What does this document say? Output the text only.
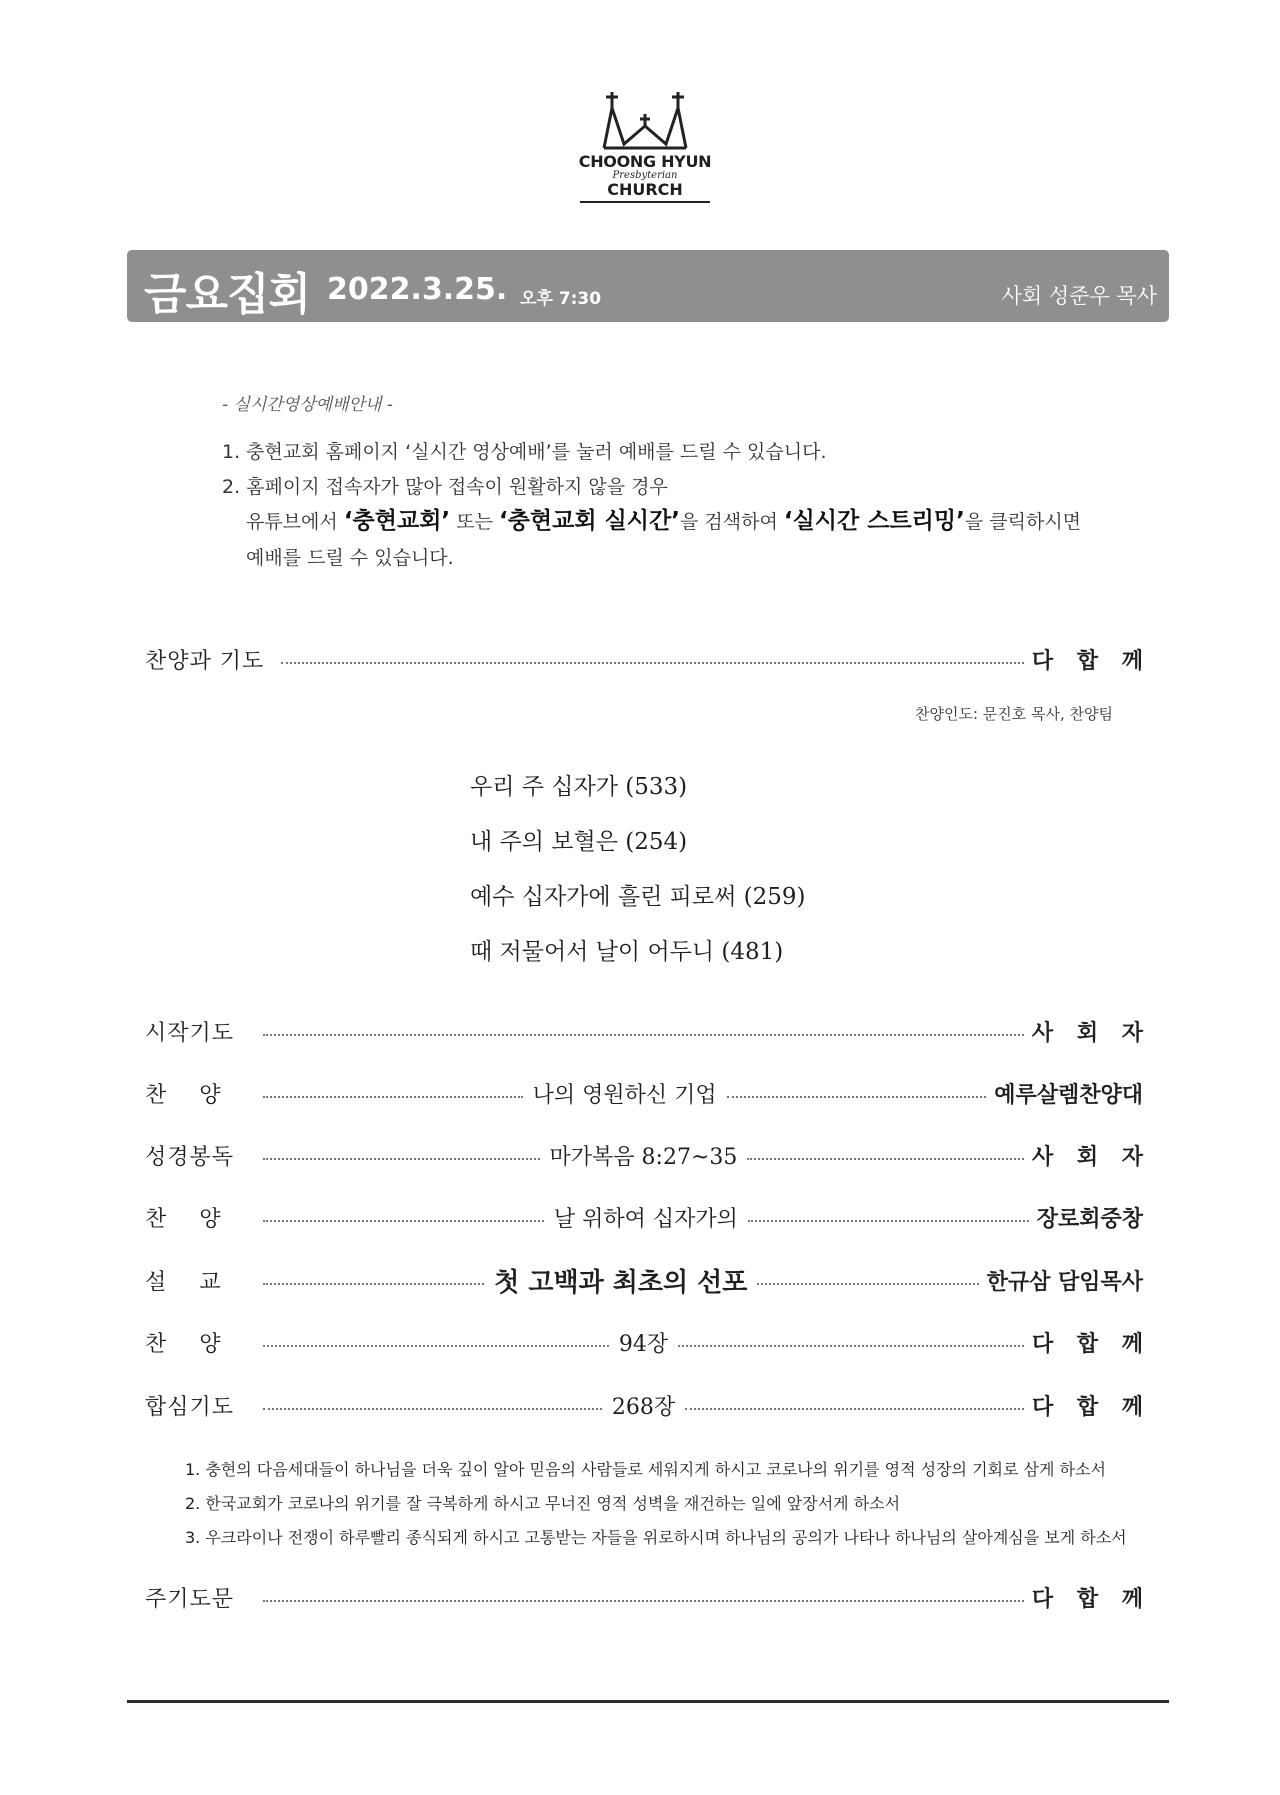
CHOONG HYUN
Presbyterian
CHURCH
금요집회 2022.3.25. 오후 7:30	사회 성준우 목사
- 실시간영상예배안내 -
1. 충현교회 홈페이지 ‘실시간 영상예배’를 눌러 예배를 드릴 수 있습니다.
2. 홈페이지 접속자가 많아 접속이 원활하지 않을 경우
유튜브에서 ‘충현교회’ 또는 ‘충현교회 실시간’을 검색하여 ‘실시간 스트리밍’을 클릭하시면
예배를 드릴 수 있습니다.
찬양과 기도	다 합 께
찬양인도: 문진호 목사, 찬양팀
우리 주 십자가 (533)
내 주의 보혈은 (254)
예수 십자가에 흘린 피로써 (259)
때 저물어서 날이 어두니 (481)
시작기도	사 회 자
찬양	나의 영원하신 기업	예루살렘찬양대
성경봉독	마가복음 8:27~35	사 회 자
찬양	날 위하여 십자가의	장로회중창
설교	첫 고백과 최초의 선포	한규삼 담임목사
찬양	94장	다 합 께
합심기도	268장	다 합 께
1. 충현의 다음세대들이 하나님을 더욱 깊이 알아 믿음의 사람들로 세워지게 하시고 코로나의 위기를 영적 성장의 기회로 삼게 하소서
2. 한국교회가 코로나의 위기를 잘 극복하게 하시고 무너진 영적 성벽을 재건하는 일에 앞장서게 하소서
3. 우크라이나 전쟁이 하루빨리 종식되게 하시고 고통받는 자들을 위로하시며 하나님의 공의가 나타나 하나님의 살아계심을 보게 하소서
주기도문	다 합 께
